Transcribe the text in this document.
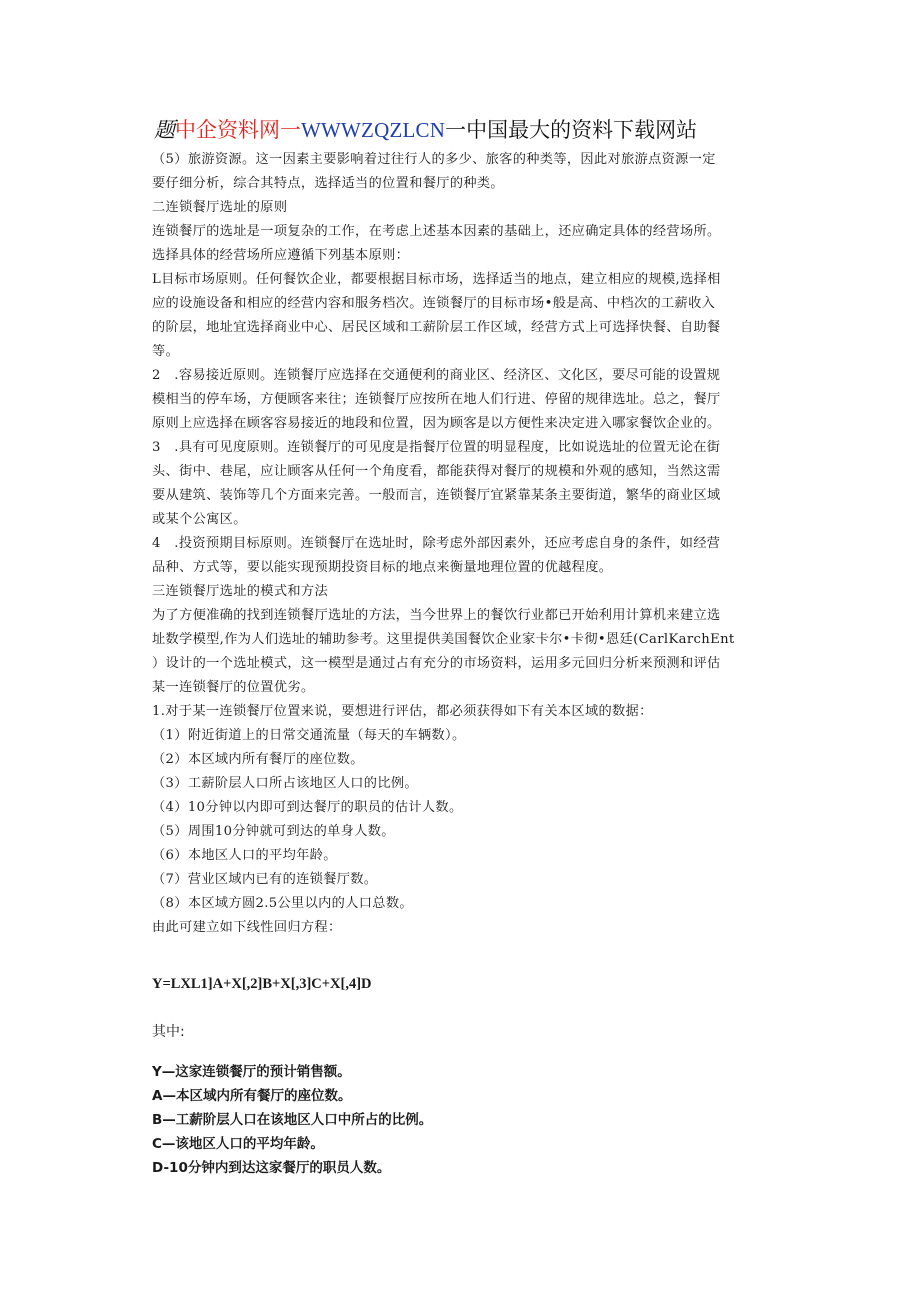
题中企资料网一WWWZQZLCN一中国最大的资料下载网站
（5）旅游资源。这一因素主要影响着过往行人的多少、旅客的种类等，因此对旅游点资源一定
要仔细分析，综合其特点，选择适当的位置和餐厅的种类。
二连锁餐厅选址的原则
连锁餐厅的选址是一项复杂的工作，在考虑上述基本因素的基础上，还应确定具体的经营场所。
选择具体的经营场所应遵循下列基本原则：
L目标市场原则。任何餐饮企业，都要根据目标市场，选择适当的地点，建立相应的规模,选择相
应的设施设备和相应的经营内容和服务档次。连锁餐厅的目标市场•般是高、中档次的工薪收入
的阶层，地址宜选择商业中心、居民区域和工薪阶层工作区域，经营方式上可选择快餐、自助餐
等。
2　.容易接近原则。连锁餐厅应选择在交通便利的商业区、经济区、文化区，要尽可能的设置规
模相当的停车场，方便顾客来往；连锁餐厅应按所在地人们行进、停留的规律选址。总之，餐厅
原则上应选择在顾客容易接近的地段和位置，因为顾客是以方便性来决定进入哪家餐饮企业的。
3　.具有可见度原则。连锁餐厅的可见度是指餐厅位置的明显程度，比如说选址的位置无论在街
头、街中、巷尾，应让顾客从任何一个角度看，都能获得对餐厅的规模和外观的感知，当然这需
要从建筑、装饰等几个方面来完善。一般而言，连锁餐厅宜紧靠某条主要街道，繁华的商业区域
或某个公寓区。
4　.投资预期目标原则。连锁餐厅在选址时，除考虑外部因素外，还应考虑自身的条件，如经营
品种、方式等，要以能实现预期投资目标的地点来衡量地理位置的优越程度。
三连锁餐厅选址的模式和方法
为了方便准确的找到连锁餐厅选址的方法，当今世界上的餐饮行业都已开始利用计算机来建立选
址数学模型,作为人们选址的辅助参考。这里提供美国餐饮企业家卡尔•卡彻•恩廷(CarlKarchEnt
）设计的一个选址模式，这一模型是通过占有充分的市场资料，运用多元回归分析来预测和评估
某一连锁餐厅的位置优劣。
1.对于某一连锁餐厅位置来说，要想进行评估，都必须获得如下有关本区域的数据：
（1）附近街道上的日常交通流量（每天的车辆数）。
（2）本区域内所有餐厅的座位数。
（3）工薪阶层人口所占该地区人口的比例。
（4）10分钟以内即可到达餐厅的职员的估计人数。
（5）周围10分钟就可到达的单身人数。
（6）本地区人口的平均年龄。
（7）营业区域内已有的连锁餐厅数。
（8）本区域方圆2.5公里以内的人口总数。
由此可建立如下线性回归方程：
Y=LXL1]A+X[,2]B+X[,3]C+X[,4]D
其中:
Y—这家连锁餐厅的预计销售额。
A—本区域内所有餐厅的座位数。
B—工薪阶层人口在该地区人口中所占的比例。
C—该地区人口的平均年龄。
D-10分钟内到达这家餐厅的职员人数。
